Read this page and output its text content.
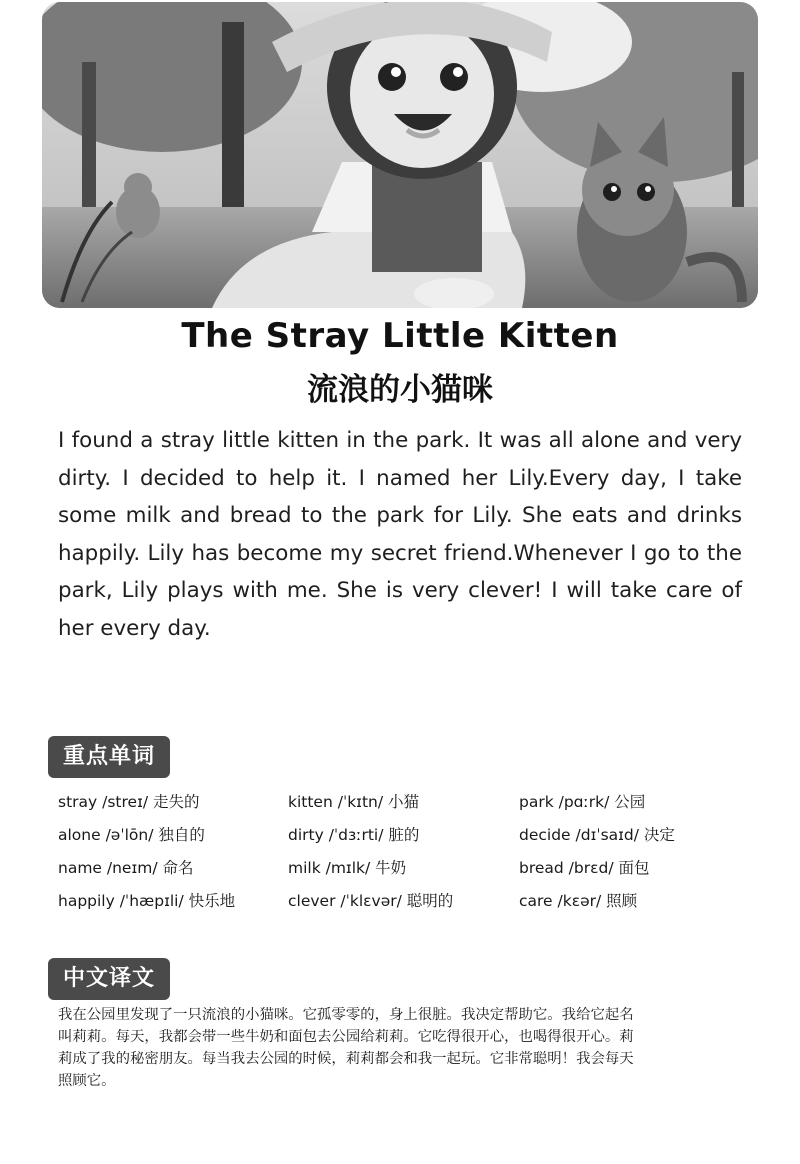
The Stray Little Kitten
流浪的小猫咪

I found a stray little kitten in the park. It was all alone and very dirty. I decided to help it. I named her Lily.Every day, I take some milk and bread to the park for Lily. She eats and drinks happily. Lily has become my secret friend.Whenever I go to the park, Lily plays with me. She is very clever! I will take care of her every day.

重点单词
stray /streɪ/ 走失的	kitten /ˈkɪtn/ 小猫	park /pɑːrk/ 公园
alone /əˈlōn/ 独自的	dirty /ˈdɜːrti/ 脏的	decide /dɪˈsaɪd/ 决定
name /neɪm/ 命名	milk /mɪlk/ 牛奶	bread /brɛd/ 面包
happily /ˈhæpɪli/ 快乐地	clever /ˈklɛvər/ 聪明的	care /kɛər/ 照顾
中文译文

我在公园里发现了一只流浪的小猫咪。它孤零零的，身上很脏。我决定帮助它。我给它起名叫莉莉。每天，我都会带一些牛奶和面包去公园给莉莉。它吃得很开心，也喝得很开心。莉莉成了我的秘密朋友。每当我去公园的时候，莉莉都会和我一起玩。它非常聪明！我会每天照顾它。
